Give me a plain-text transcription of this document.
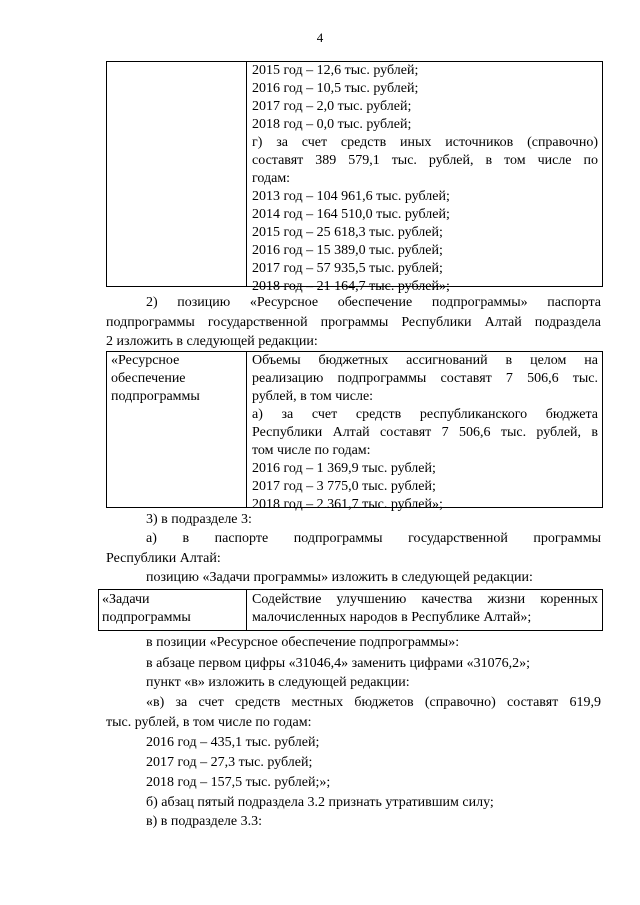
4
2015 год – 12,6 тыс. рублей;
2016 год – 10,5 тыс. рублей;
2017 год – 2,0 тыс. рублей;
2018 год – 0,0 тыс. рублей;
г) за счет средств иных источников (справочно)
составят 389 579,1 тыс. рублей, в том числе по
годам:
2013 год – 104 961,6 тыс. рублей;
2014 год – 164 510,0 тыс. рублей;
2015 год – 25 618,3 тыс. рублей;
2016 год – 15 389,0 тыс. рублей;
2017 год – 57 935,5 тыс. рублей;
2018 год – 21 164,7 тыс. рублей»;
2) позицию «Ресурсное обеспечение подпрограммы» паспорта
подпрограммы государственной программы Республики Алтай подраздела
2 изложить в следующей редакции:
«Ресурсное
обеспечение
подпрограммы
Объемы бюджетных ассигнований в целом на
реализацию подпрограммы составят 7 506,6 тыс.
рублей, в том числе:
а) за счет средств республиканского бюджета
Республики Алтай составят 7 506,6 тыс. рублей, в
том числе по годам:
2016 год – 1 369,9 тыс. рублей;
2017 год – 3 775,0 тыс. рублей;
2018 год – 2 361,7 тыс. рублей»;
3) в подразделе 3:
а) в паспорте подпрограммы государственной программы
Республики Алтай:
позицию «Задачи программы» изложить в следующей редакции:
«Задачи
подпрограммы
Содействие улучшению качества жизни коренных
малочисленных народов в Республике Алтай»;
в позиции «Ресурсное обеспечение подпрограммы»:
в абзаце первом цифры «31046,4» заменить цифрами «31076,2»;
пункт «в» изложить в следующей редакции:
«в) за счет средств местных бюджетов (справочно) составят 619,9
тыс. рублей, в том числе по годам:
2016 год – 435,1 тыс. рублей;
2017 год – 27,3 тыс. рублей;
2018 год – 157,5 тыс. рублей;»;
б) абзац пятый подраздела 3.2 признать утратившим силу;
в) в подразделе 3.3:
